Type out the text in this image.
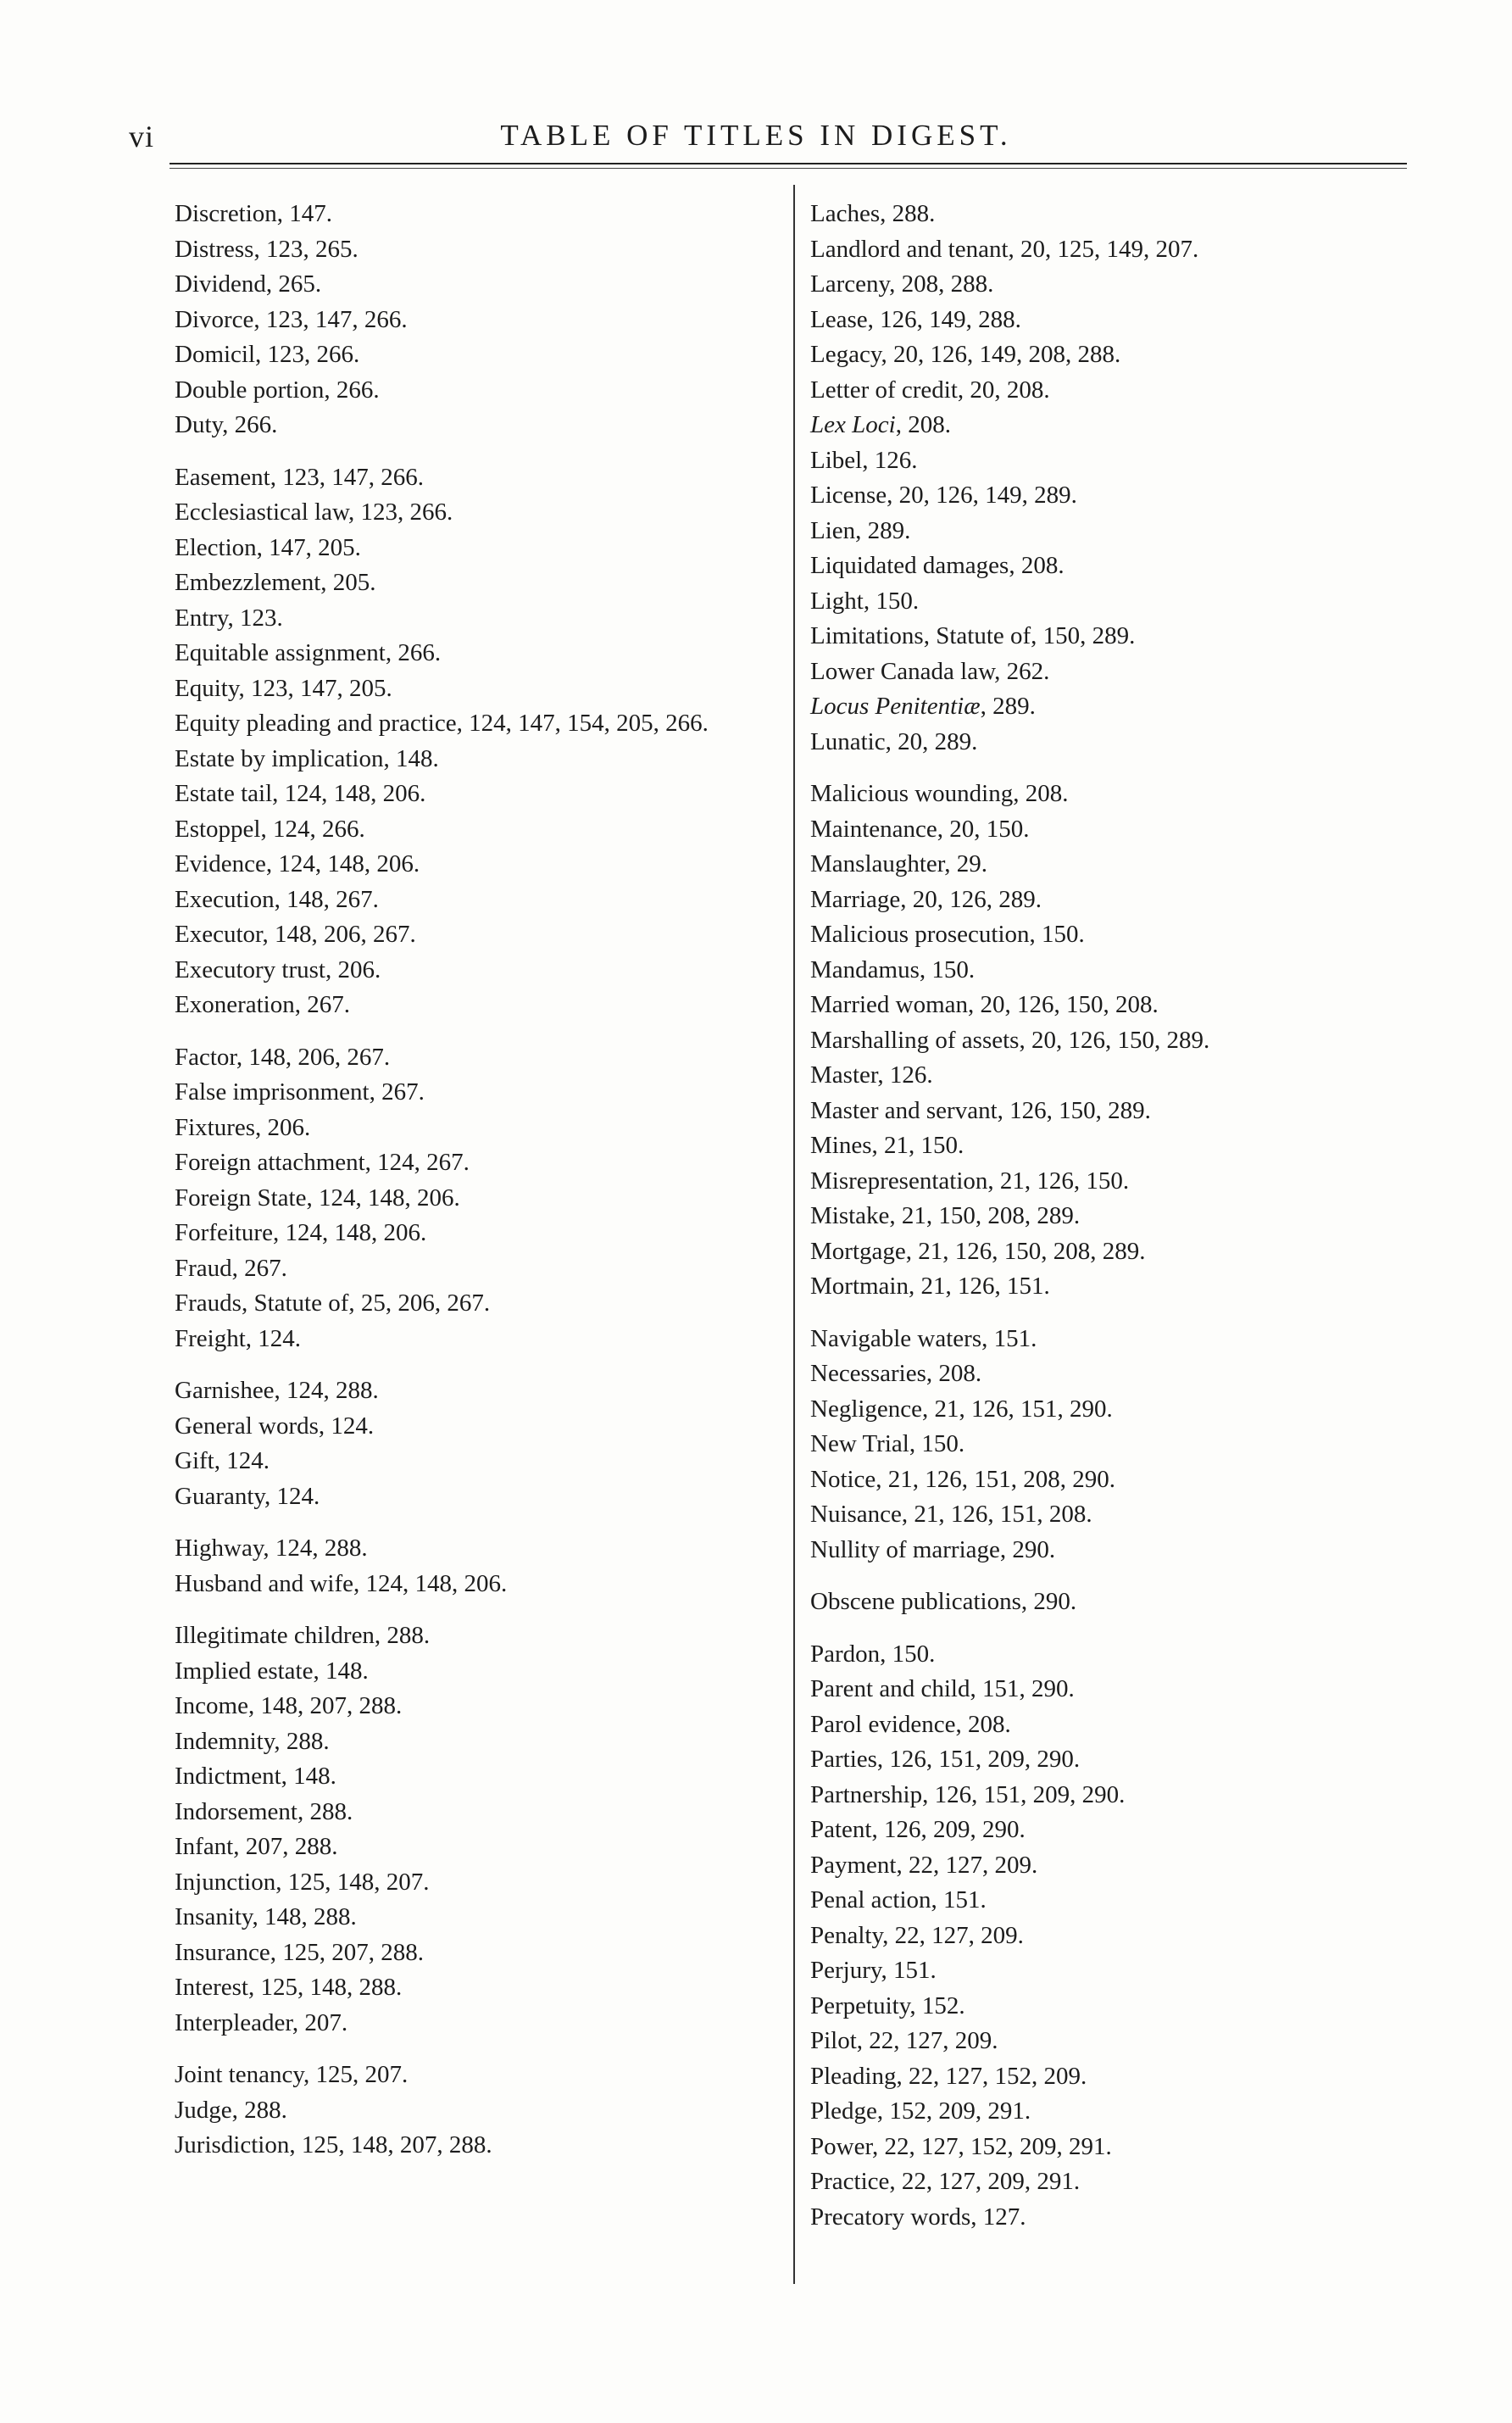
vi	TABLE OF TITLES IN DIGEST.
Discretion, 147.
Distress, 123, 265.
Dividend, 265.
Divorce, 123, 147, 266.
Domicil, 123, 266.
Double portion, 266.
Duty, 266.
Easement, 123, 147, 266.
Ecclesiastical law, 123, 266.
Election, 147, 205.
Embezzlement, 205.
Entry, 123.
Equitable assignment, 266.
Equity, 123, 147, 205.
Equity pleading and practice, 124, 147, 154, 205, 266.
Estate by implication, 148.
Estate tail, 124, 148, 206.
Estoppel, 124, 266.
Evidence, 124, 148, 206.
Execution, 148, 267.
Executor, 148, 206, 267.
Executory trust, 206.
Exoneration, 267.
Factor, 148, 206, 267.
False imprisonment, 267.
Fixtures, 206.
Foreign attachment, 124, 267.
Foreign State, 124, 148, 206.
Forfeiture, 124, 148, 206.
Fraud, 267.
Frauds, Statute of, 25, 206, 267.
Freight, 124.
Garnishee, 124, 288.
General words, 124.
Gift, 124.
Guaranty, 124.
Highway, 124, 288.
Husband and wife, 124, 148, 206.
Illegitimate children, 288.
Implied estate, 148.
Income, 148, 207, 288.
Indemnity, 288.
Indictment, 148.
Indorsement, 288.
Infant, 207, 288.
Injunction, 125, 148, 207.
Insanity, 148, 288.
Insurance, 125, 207, 288.
Interest, 125, 148, 288.
Interpleader, 207.
Joint tenancy, 125, 207.
Judge, 288.
Jurisdiction, 125, 148, 207, 288.
Laches, 288.
Landlord and tenant, 20, 125, 149, 207.
Larceny, 208, 288.
Lease, 126, 149, 288.
Legacy, 20, 126, 149, 208, 288.
Letter of credit, 20, 208.
Lex Loci, 208.
Libel, 126.
License, 20, 126, 149, 289.
Lien, 289.
Liquidated damages, 208.
Light, 150.
Limitations, Statute of, 150, 289.
Lower Canada law, 262.
Locus Penitentiæ, 289.
Lunatic, 20, 289.
Malicious wounding, 208.
Maintenance, 20, 150.
Manslaughter, 29.
Marriage, 20, 126, 289.
Malicious prosecution, 150.
Mandamus, 150.
Married woman, 20, 126, 150, 208.
Marshalling of assets, 20, 126, 150, 289.
Master, 126.
Master and servant, 126, 150, 289.
Mines, 21, 150.
Misrepresentation, 21, 126, 150.
Mistake, 21, 150, 208, 289.
Mortgage, 21, 126, 150, 208, 289.
Mortmain, 21, 126, 151.
Navigable waters, 151.
Necessaries, 208.
Negligence, 21, 126, 151, 290.
New Trial, 150.
Notice, 21, 126, 151, 208, 290.
Nuisance, 21, 126, 151, 208.
Nullity of marriage, 290.
Obscene publications, 290.
Pardon, 150.
Parent and child, 151, 290.
Parol evidence, 208.
Parties, 126, 151, 209, 290.
Partnership, 126, 151, 209, 290.
Patent, 126, 209, 290.
Payment, 22, 127, 209.
Penal action, 151.
Penalty, 22, 127, 209.
Perjury, 151.
Perpetuity, 152.
Pilot, 22, 127, 209.
Pleading, 22, 127, 152, 209.
Pledge, 152, 209, 291.
Power, 22, 127, 152, 209, 291.
Practice, 22, 127, 209, 291.
Precatory words, 127.
